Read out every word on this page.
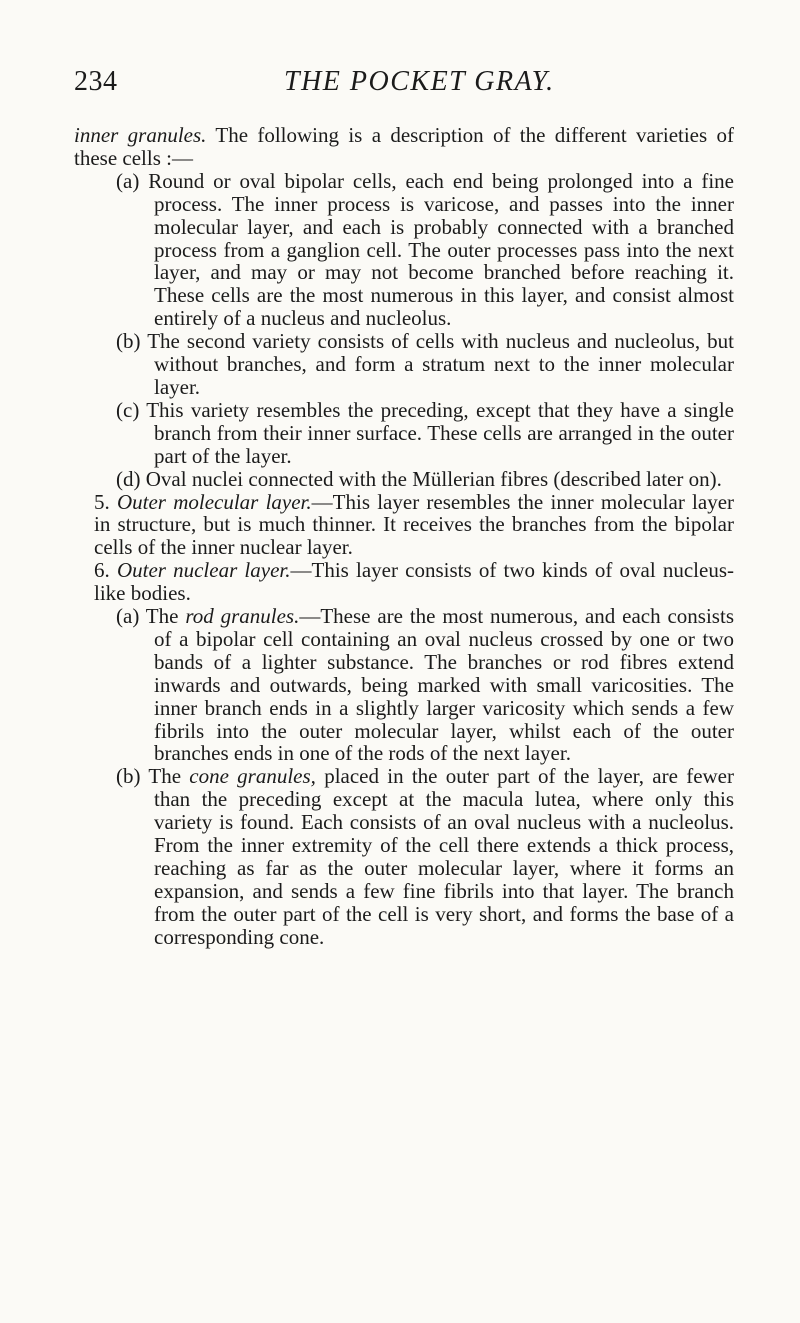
234	THE POCKET GRAY.

inner granules. The following is a description of the different varieties of these cells :—

(a) Round or oval bipolar cells, each end being prolonged into a fine process. The inner process is varicose, and passes into the inner molecular layer, and each is probably connected with a branched process from a ganglion cell. The outer processes pass into the next layer, and may or may not become branched before reaching it. These cells are the most numerous in this layer, and consist almost entirely of a nucleus and nucleolus.

(b) The second variety consists of cells with nucleus and nucleolus, but without branches, and form a stratum next to the inner molecular layer.

(c) This variety resembles the preceding, except that they have a single branch from their inner surface. These cells are arranged in the outer part of the layer.

(d) Oval nuclei connected with the Müllerian fibres (described later on).

5. Outer molecular layer.—This layer resembles the inner molecular layer in structure, but is much thinner. It receives the branches from the bipolar cells of the inner nuclear layer.

6. Outer nuclear layer.—This layer consists of two kinds of oval nucleus-like bodies.

(a) The rod granules.—These are the most numerous, and each consists of a bipolar cell containing an oval nucleus crossed by one or two bands of a lighter substance. The branches or rod fibres extend inwards and outwards, being marked with small varicosities. The inner branch ends in a slightly larger varicosity which sends a few fibrils into the outer molecular layer, whilst each of the outer branches ends in one of the rods of the next layer.

(b) The cone granules, placed in the outer part of the layer, are fewer than the preceding except at the macula lutea, where only this variety is found. Each consists of an oval nucleus with a nucleolus. From the inner extremity of the cell there extends a thick process, reaching as far as the outer molecular layer, where it forms an expansion, and sends a few fine fibrils into that layer. The branch from the outer part of the cell is very short, and forms the base of a corresponding cone.
